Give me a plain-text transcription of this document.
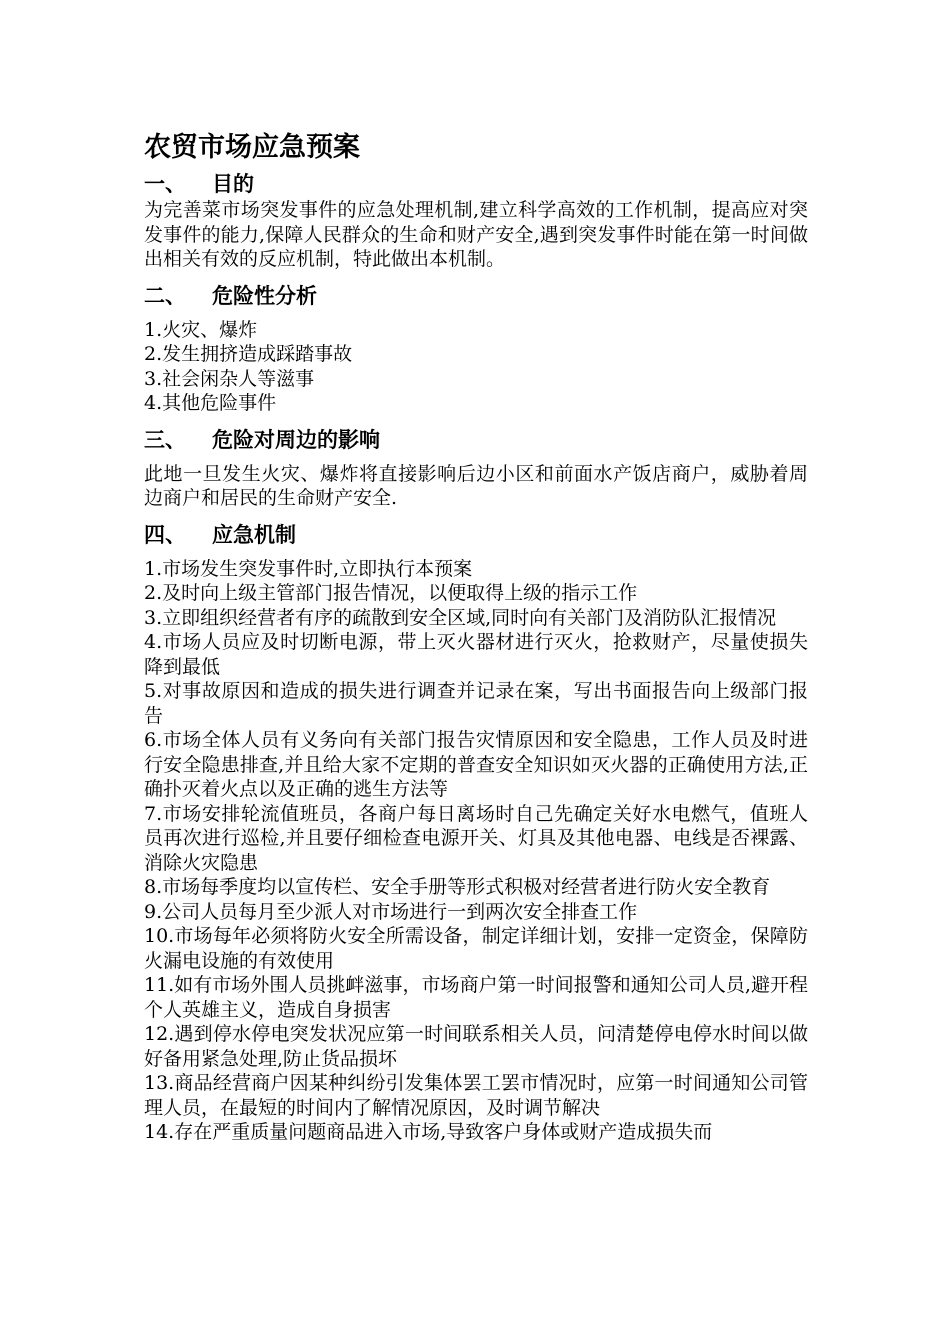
农贸市场应急预案
一、	目的

为完善菜市场突发事件的应急处理机制,建立科学高效的工作机制，提高应对突发事件的能力,保障人民群众的生命和财产安全,遇到突发事件时能在第一时间做出相关有效的反应机制，特此做出本机制。

二、	危险性分析

1.火灾、爆炸

2.发生拥挤造成踩踏事故

3.社会闲杂人等滋事

4.其他危险事件

三、	危险对周边的影响

此地一旦发生火灾、爆炸将直接影响后边小区和前面水产饭店商户，威胁着周边商户和居民的生命财产安全.

四、	应急机制

1.市场发生突发事件时,立即执行本预案

2.及时向上级主管部门报告情况，以便取得上级的指示工作

3.立即组织经营者有序的疏散到安全区域,同时向有关部门及消防队汇报情况

4.市场人员应及时切断电源，带上灭火器材进行灭火，抢救财产，尽量使损失降到最低

5.对事故原因和造成的损失进行调查并记录在案，写出书面报告向上级部门报告

6.市场全体人员有义务向有关部门报告灾情原因和安全隐患，工作人员及时进行安全隐患排查,并且给大家不定期的普查安全知识如灭火器的正确使用方法,正确扑灭着火点以及正确的逃生方法等

7.市场安排轮流值班员，各商户每日离场时自己先确定关好水电燃气，值班人员再次进行巡检,并且要仔细检查电源开关、灯具及其他电器、电线是否裸露、消除火灾隐患

8.市场每季度均以宣传栏、安全手册等形式积极对经营者进行防火安全教育

9.公司人员每月至少派人对市场进行一到两次安全排查工作

10.市场每年必须将防火安全所需设备，制定详细计划，安排一定资金，保障防火漏电设施的有效使用

11.如有市场外围人员挑衅滋事，市场商户第一时间报警和通知公司人员,避开程个人英雄主义，造成自身损害

12.遇到停水停电突发状况应第一时间联系相关人员，问清楚停电停水时间以做好备用紧急处理,防止货品损坏

13.商品经营商户因某种纠纷引发集体罢工罢市情况时，应第一时间通知公司管理人员，在最短的时间内了解情况原因，及时调节解决

14.存在严重质量问题商品进入市场,导致客户身体或财产造成损失而
